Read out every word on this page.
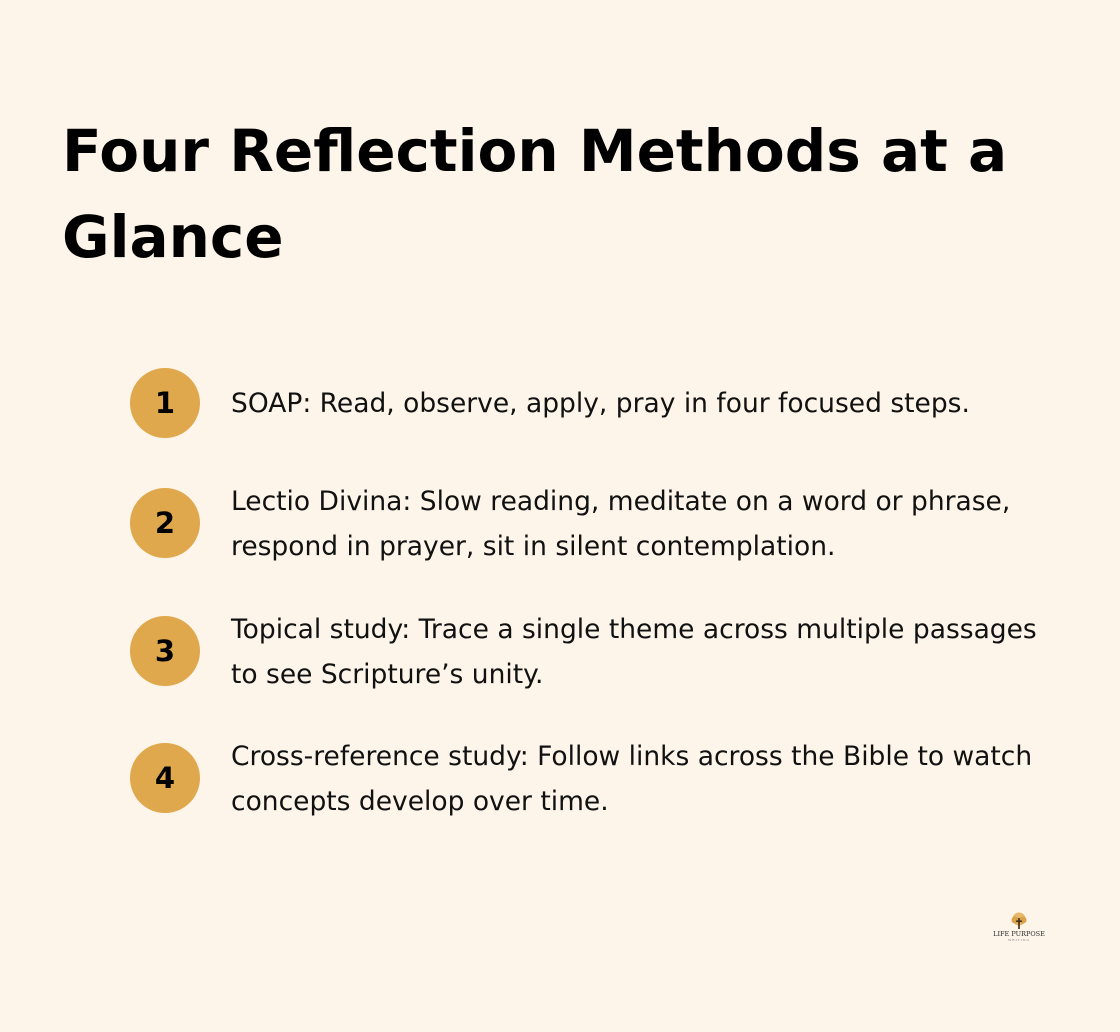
Four Reflection Methods at a Glance
1	SOAP: Read, observe, apply, pray in four focused steps.
2
Lectio Divina: Slow reading, meditate on a word or phrase, respond in prayer, sit in silent contemplation.
3
Topical study: Trace a single theme across multiple passages to see Scripture’s unity.
4
Cross-reference study: Follow links across the Bible to watch concepts develop over time.
LIFE PURPOSE
WRITING
